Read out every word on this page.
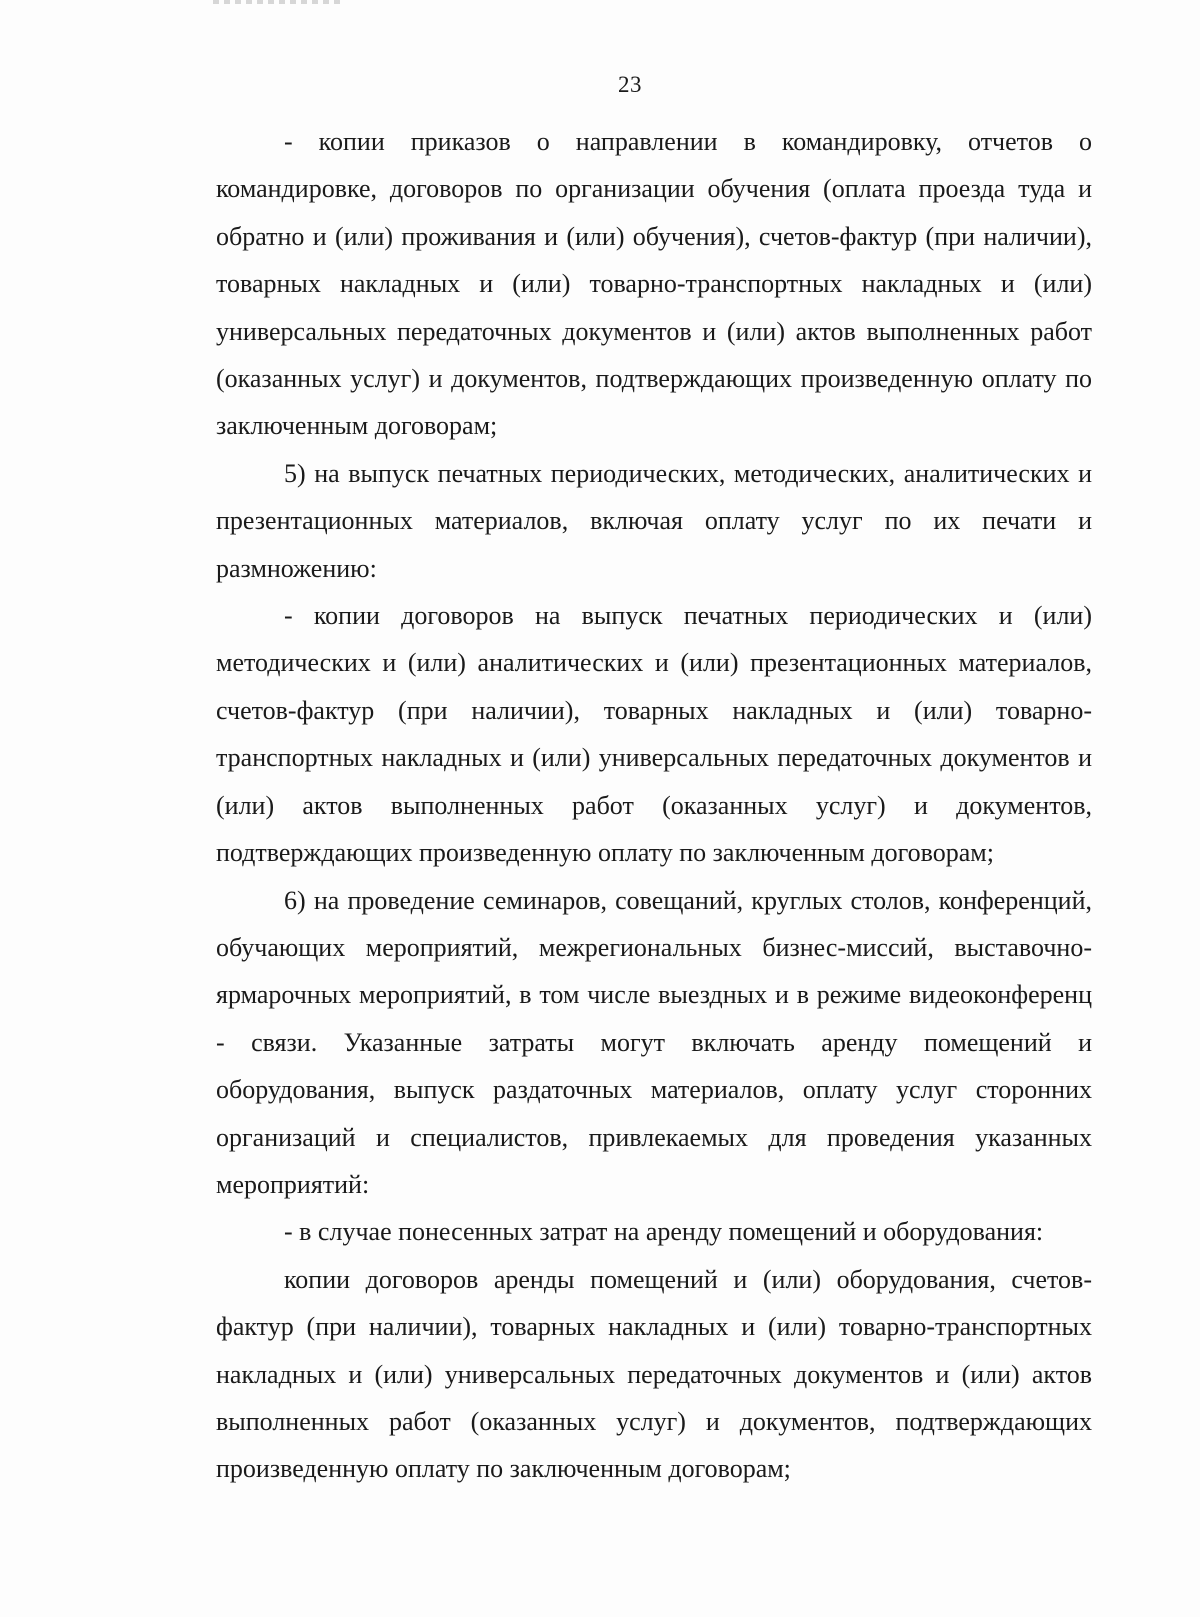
23

- копии приказов о направлении в командировку, отчетов о командировке, договоров по организации обучения (оплата проезда туда и обратно и (или) проживания и (или) обучения), счетов-фактур (при наличии), товарных накладных и (или) товарно-транспортных накладных и (или) универсальных передаточных документов и (или) актов выполненных работ (оказанных услуг) и документов, подтверждающих произведенную оплату по заключенным договорам;

5) на выпуск печатных периодических, методических, аналитических и презентационных материалов, включая оплату услуг по их печати и размножению:

- копии договоров на выпуск печатных периодических и (или) методических и (или) аналитических и (или) презентационных материалов, счетов-фактур (при наличии), товарных накладных и (или) товарно-транспортных накладных и (или) универсальных передаточных документов и (или) актов выполненных работ (оказанных услуг) и документов, подтверждающих произведенную оплату по заключенным договорам;

6) на проведение семинаров, совещаний, круглых столов, конференций, обучающих мероприятий, межрегиональных бизнес-миссий, выставочно-ярмарочных мероприятий, в том числе выездных и в режиме видеоконференц - связи. Указанные затраты могут включать аренду помещений и оборудования, выпуск раздаточных материалов, оплату услуг сторонних организаций и специалистов, привлекаемых для проведения указанных мероприятий:

- в случае понесенных затрат на аренду помещений и оборудования:

копии договоров аренды помещений и (или) оборудования, счетов-фактур (при наличии), товарных накладных и (или) товарно-транспортных накладных и (или) универсальных передаточных документов и (или) актов выполненных работ (оказанных услуг) и документов, подтверждающих произведенную оплату по заключенным договорам;
